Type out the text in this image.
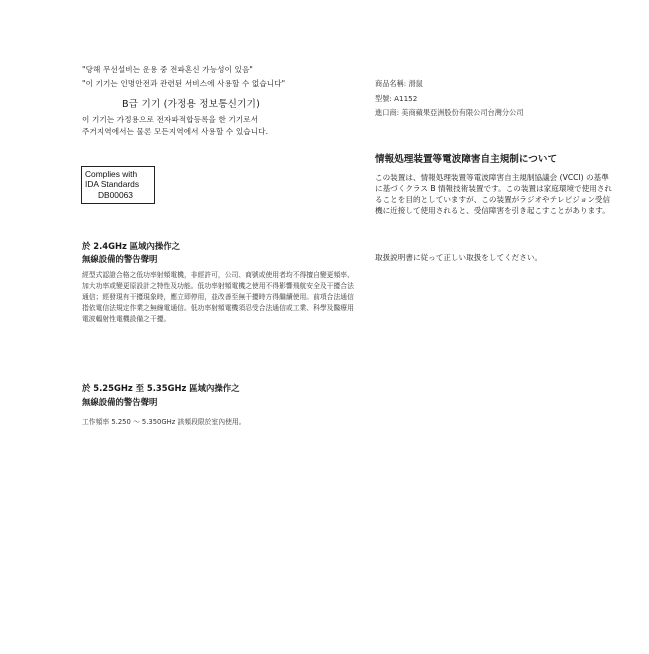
"당해 무선설비는 운용 중 전파혼신 가능성이 있음"
"이 기기는 인명안전과 관련된 서비스에 사용할 수 없습니다"
B급 기기 (가정용 정보통신기기)
이 기기는 가정용으로 전자파적합등록을 한 기기로서
주거지역에서는 물론 모든지역에서 사용할 수 있습니다.
商品名稱: 滑鼠
型號: A1152
進口商: 美商蘋果亞洲股份有限公司台灣分公司
Complies with
IDA Standards
DB00063
於 2.4GHz 區域內操作之
無線設備的警告聲明
經型式認證合格之低功率射頻電機，非經許可，公司、商號或使用者均不得擅自變更頻率、加大功率或變更原設計之特性及功能。低功率射頻電機之使用不得影響飛航安全及干擾合法通信；經發現有干擾現象時，應立即停用，並改善至無干擾時方得繼續使用。前項合法通信指依電信法規定作業之無線電通信。低功率射頻電機須忍受合法通信或工業、科學及醫療用電波輻射性電機設備之干擾。
於 5.25GHz 至 5.35GHz 區域內操作之
無線設備的警告聲明
工作頻率 5.250 ～ 5.350GHz 該頻段限於室內使用。
情報処理装置等電波障害自主規制について
この装置は、情報処理装置等電波障害自主規制協議会 (VCCI) の基準に基づくクラス B 情報技術装置です。この装置は家庭環境で使用されることを目的としていますが、この装置がラジオやテレビジョン受信機に近接して使用されると、受信障害を引き起こすことがあります。
取扱説明書に従って正しい取扱をしてください。
